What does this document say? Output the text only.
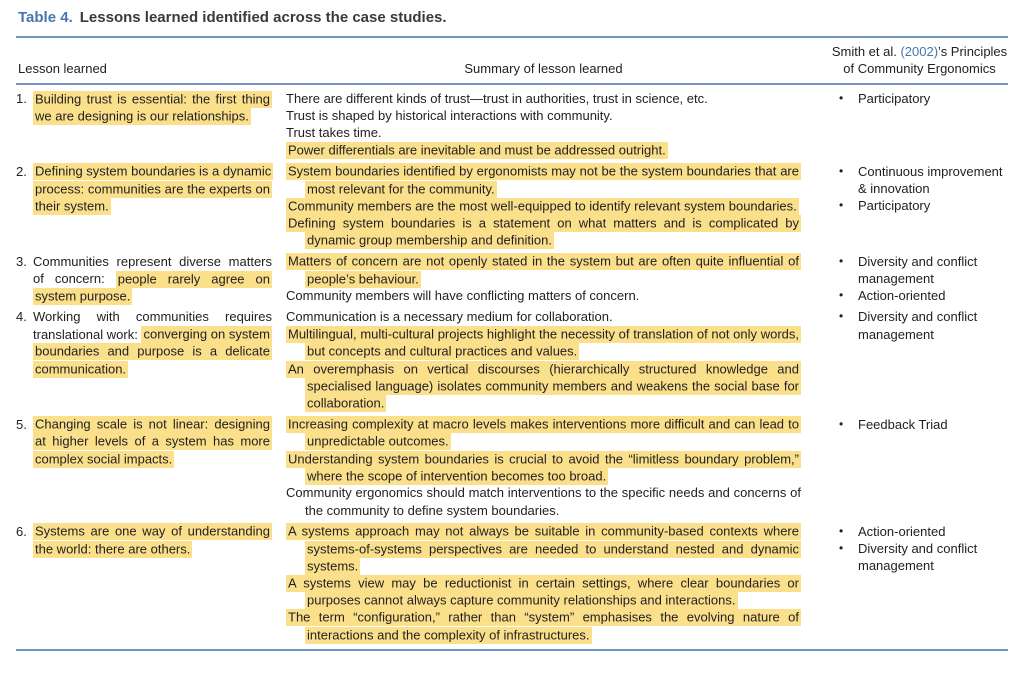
Table 4. Lessons learned identified across the case studies.
Lesson learned	Summary of lesson learned	Smith et al. (2002)’s Principles of Community Ergonomics

1. Building trust is essential: the first thing we are designing is our relationships.

There are different kinds of trust—trust in authorities, trust in science, etc.
Trust is shaped by historical interactions with community.
Trust takes time.
Power differentials are inevitable and must be addressed outright.

•	Participatory

2. Defining system boundaries is a dynamic process: communities are the experts on their system.

System boundaries identified by ergonomists may not be the system boundaries that are most relevant for the community.
Community members are the most well-equipped to identify relevant system boundaries.
Defining system boundaries is a statement on what matters and is complicated by dynamic group membership and definition.

•	Continuous improvement & innovation
•	Participatory

3. Communities represent diverse matters of concern: people rarely agree on system purpose.

Matters of concern are not openly stated in the system but are often quite influential of people’s behaviour.
Community members will have conflicting matters of concern.

•	Diversity and conflict management
•	Action-oriented

4. Working with communities requires translational work: converging on system boundaries and purpose is a delicate communication.

Communication is a necessary medium for collaboration.
Multilingual, multi-cultural projects highlight the necessity of translation of not only words, but concepts and cultural practices and values.
An overemphasis on vertical discourses (hierarchically structured knowledge and specialised language) isolates community members and weakens the social base for collaboration.

•	Diversity and conflict management

5. Changing scale is not linear: designing at higher levels of a system has more complex social impacts.

Increasing complexity at macro levels makes interventions more difficult and can lead to unpredictable outcomes.
Understanding system boundaries is crucial to avoid the “limitless boundary problem,” where the scope of intervention becomes too broad.
Community ergonomics should match interventions to the specific needs and concerns of the community to define system boundaries.

•	Feedback Triad

6. Systems are one way of understanding the world: there are others.

A systems approach may not always be suitable in community-based contexts where systems-of-systems perspectives are needed to understand nested and dynamic systems.
A systems view may be reductionist in certain settings, where clear boundaries or purposes cannot always capture community relationships and interactions.
The term “configuration,” rather than “system” emphasises the evolving nature of interactions and the complexity of infrastructures.

•	Action-oriented
•	Diversity and conflict management
